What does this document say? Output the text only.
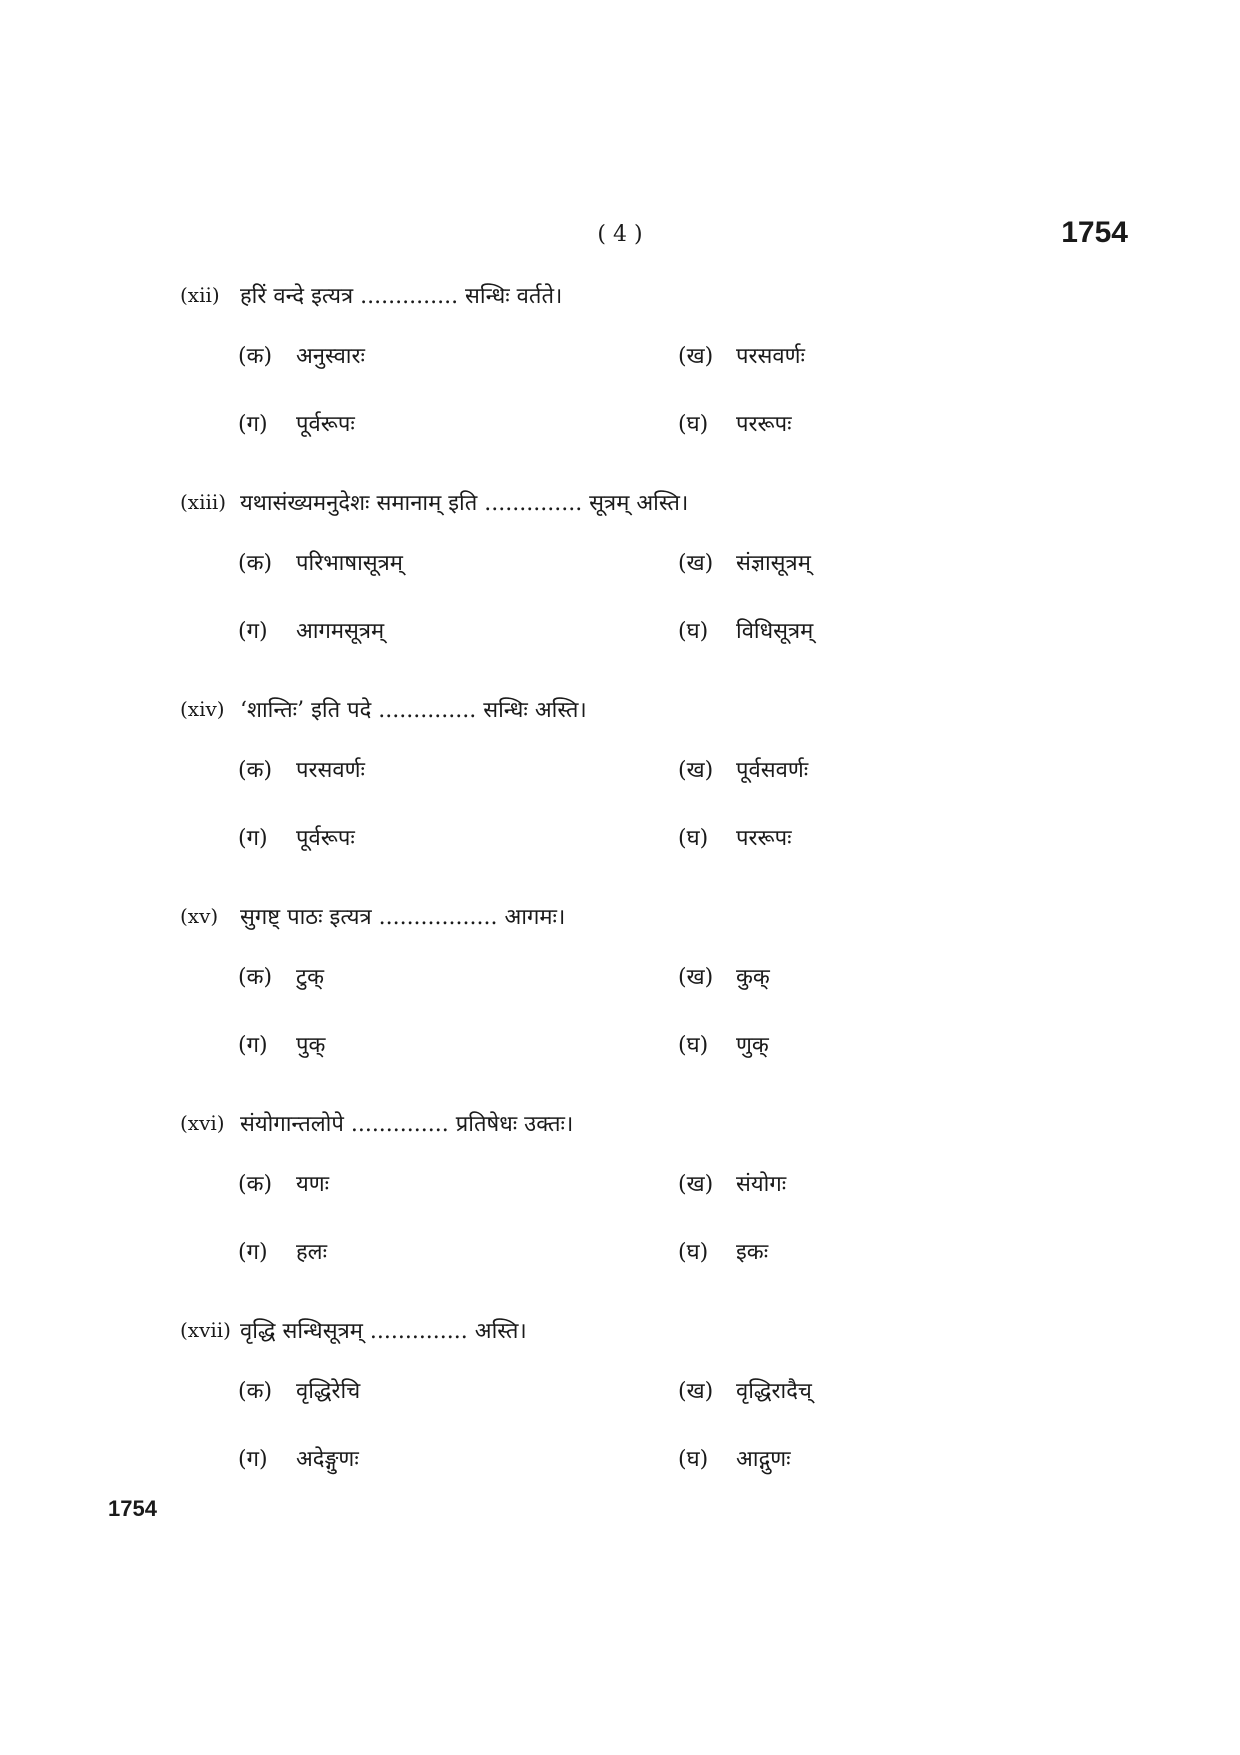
( 4 )	1754
(xii) हरिं वन्दे इत्यत्र .............. सन्धिः वर्तते।
(क)	अनुस्वारः	(ख)	परसवर्णः
(ग)	पूर्वरूपः	(घ)	पररूपः
(xiii) यथासंख्यमनुदेशः समानाम् इति .............. सूत्रम् अस्ति।
(क)	परिभाषासूत्रम्	(ख)	संज्ञासूत्रम्
(ग)	आगमसूत्रम्	(घ)	विधिसूत्रम्
(xiv) ‘शान्तिः’ इति पदे .............. सन्धिः अस्ति।
(क)	परसवर्णः	(ख)	पूर्वसवर्णः
(ग)	पूर्वरूपः	(घ)	पररूपः
(xv) सुगष्ट् पाठः इत्यत्र ................. आगमः।
(क)	टुक्	(ख)	कुक्
(ग)	पुक्	(घ)	णुक्
(xvi) संयोगान्तलोपे .............. प्रतिषेधः उक्तः।
(क)	यणः	(ख)	संयोगः
(ग)	हलः	(घ)	इकः
(xvii) वृद्धि सन्धिसूत्रम् .............. अस्ति।
(क)	वृद्धिरेचि	(ख)	वृद्धिरादैच्
(ग)	अदेङ्गुणः	(घ)	आद्गुणः
1754
